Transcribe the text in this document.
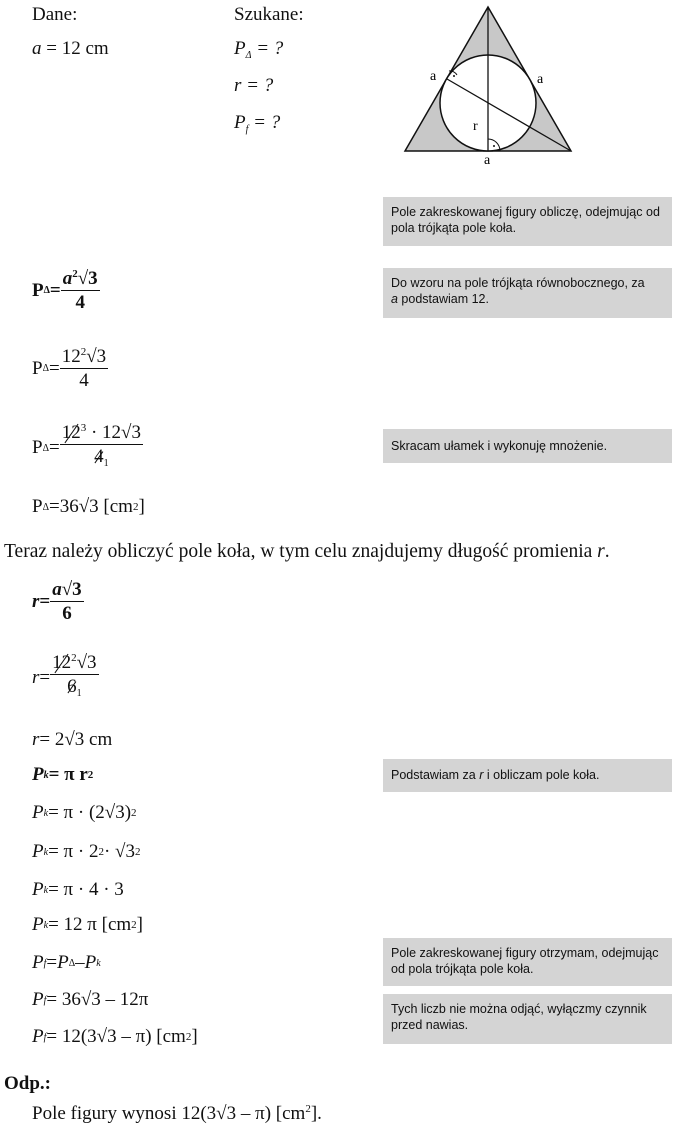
Dane:
a = 12 cm
Szukane:
$P_\Delta$ = ?
r = ?
$P_f$ = ?
a	a
a
r
Pole zakreskowanej figury obliczę, odejmując od pola trójkąta pole koła.
Do wzoru na pole trójkąta równobocznego, za
a podstawiam 12.
Skracam ułamek i wykonuję mnożenie.
Podstawiam za r i obliczam pole koła.
Pole zakreskowanej figury otrzymam, odejmując od pola trójkąta pole koła.
Tych liczb nie można odjąć, wyłączmy czynnik przed nawias.
P $\Delta = \frac{a^2√3}{4}$
P $\Delta = \frac{12^2√3}{4}$
P $\Delta = \frac{12^3 \cdot 12√3}{4_1}$
P Δ = 36√3 [cm 2 ]
Teraz należy obliczyć pole koła, w tym celu znajdujemy długość promienia r.
$r = \frac{a√3}{6}$
$r = \frac{12^2√3}{6_1}$
r = 2√3 cm
P k = π r 2
P k = π · (2√3) 2
P k = π · 2 2 · √3 2
P k = π · 4 · 3
P k = 12 π [cm 2 ]
P f = P Δ – P k
P f = 36√3 – 12π
P f = 12(3√3 – π) [cm 2 ]
Odp.:
Pole figury wynosi 12(3√3 – π) $[cm^2]$.
